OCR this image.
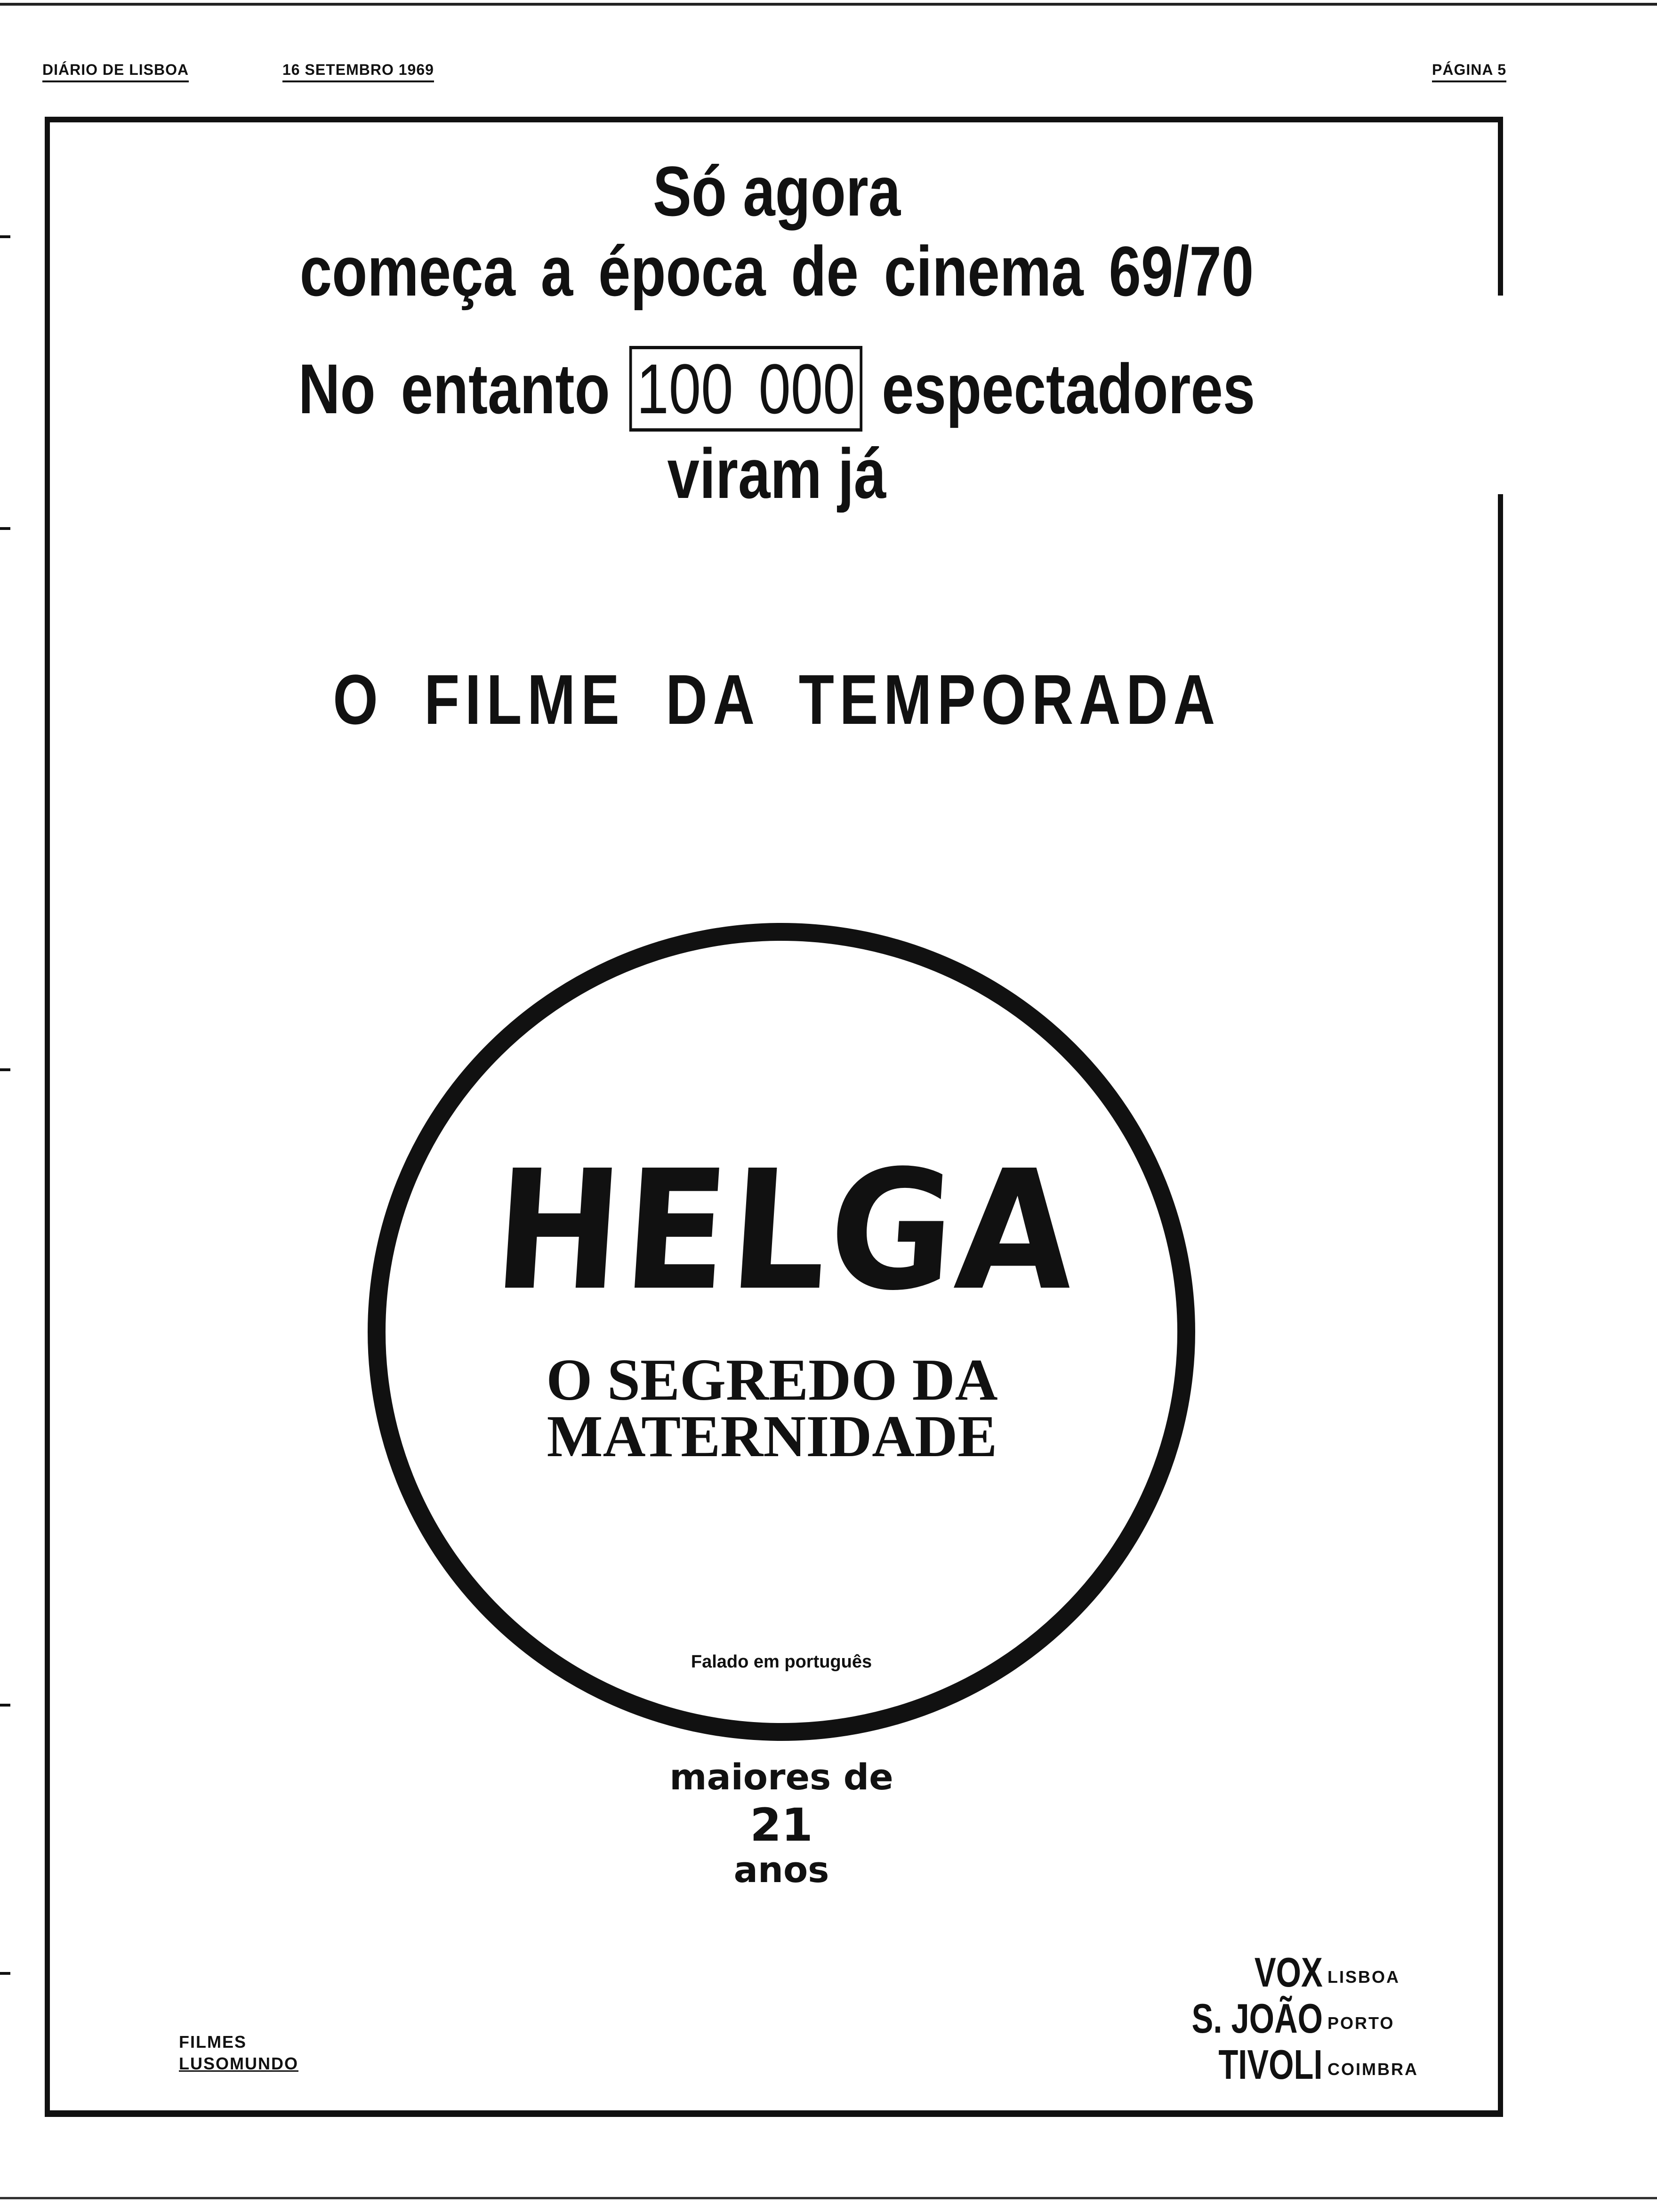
DIÁRIO DE LISBOA	16 SETEMBRO 1969	PÁGINA 5
Só agora
começa a época de cinema 69/70
No entanto 100 000 espectadores
viram já
O FILME DA TEMPORADA
HELGA
O SEGREDO DA
MATERNIDADE
Falado em português
maiores de
21
anos
FILMES
LUSOMUNDO
VOX LISBOA
S. JOÃO PORTO
TIVOLI COIMBRA
